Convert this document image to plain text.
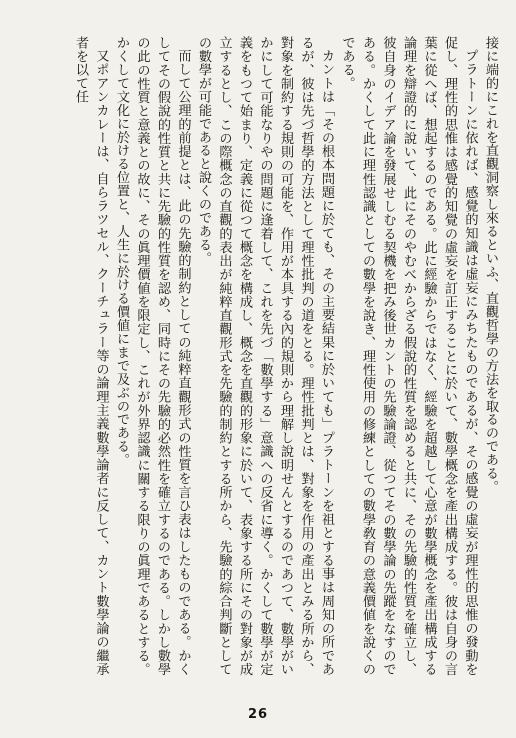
接に端的にこれを直觀洞察し來るといふ、直觀哲學の方法を取るのである。

プラトーンに依れば、感覺的知識は虛妄にみちたものであるが、その感覺の虛妄が理性的思惟の發動を促し、理性的思惟は感覺的知覺の虛妄を訂正することに於いて、數學概念を產出構成する。彼は自身の言葉に從へば、想起するのである。此に經驗からではなく、經驗を超越して心意が數學概念を產出構成する論理を辯證的に說いて、此にそのやむべからざる假說的性質を認めると共に、その先驗的性質を確立し、彼自身のイデア論を發展せしむる契機を把み後世カントの先驗論證、從つてその數學論の先蹤をなすのである。かくして此に理性認識としての數學を說き、理性使用の修練としての數學敎育の意義價値を說くのである。

カントは「その根本問題に於ても、その主要結果に於いても」プラトーンを祖とする事は周知の所であるが、彼は先づ哲學的方法として理性批判の道をとる。理性批判とは、對象を作用の產出とみる所から、對象を制約する規則の可能を、作用が本具する內的規則から理解し說明せんとするのであつて、數學がいかにして可能なりやの問題に逢着して、これを先づ「數學する」意識への反省に導く。かくして數學が定義をもつて始まり、定義に從つて概念を構成し、概念を直觀的形象に於いて、表象する所にその對象が成立するとし、この際概念の直觀的表出が純粹直觀形式を先驗的制約とする所から、先驗的綜合判斷としての數學が可能であると說くのである。

而して公理的前提とは、此の先驗的制約としての純粹直觀形式の性質を言ひ表はしたものである。かくしてその假說的性質と共に先驗的性質を認め、同時にその先驗的必然性を確立するのである。しかし數學の此の性質と意義との故に、その眞理價値を限定し、これが外界認識に關する限りの眞理であるとする。かくして文化に於ける位置と、人生に於ける價値にまで及ぶのである。

又ポアンカレーは、自らラツセル、クーチュラー等の論理主義數學論者に反して、カント數學論の繼承者を以て任

26
